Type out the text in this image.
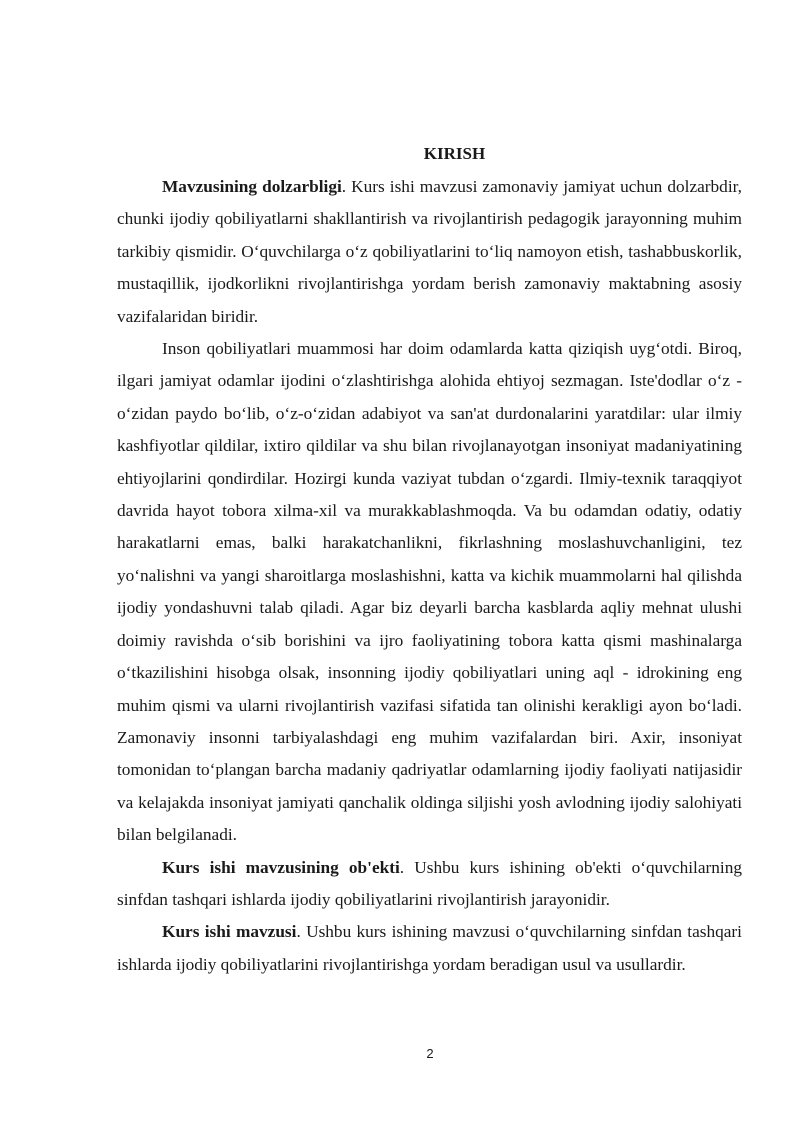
KIRISH

Mavzusining dolzarbligi. Kurs ishi mavzusi zamonaviy jamiyat uchun dolzarbdir, chunki ijodiy qobiliyatlarni shakllantirish va rivojlantirish pedagogik jarayonning muhim tarkibiy qismidir. O‘quvchilarga o‘z qobiliyatlarini to‘liq namoyon etish, tashabbuskorlik, mustaqillik, ijodkorlikni rivojlantirishga yordam berish zamonaviy maktabning asosiy vazifalaridan biridir.

Inson qobiliyatlari muammosi har doim odamlarda katta qiziqish uyg‘otdi. Biroq, ilgari jamiyat odamlar ijodini o‘zlashtirishga alohida ehtiyoj sezmagan. Iste'dodlar o‘z - o‘zidan paydo bo‘lib, o‘z-o‘zidan adabiyot va san'at durdonalarini yaratdilar: ular ilmiy kashfiyotlar qildilar, ixtiro qildilar va shu bilan rivojlanayotgan insoniyat madaniyatining ehtiyojlarini qondirdilar. Hozirgi kunda vaziyat tubdan o‘zgardi. Ilmiy-texnik taraqqiyot davrida hayot tobora xilma-xil va murakkablashmoqda. Va bu odamdan odatiy, odatiy harakatlarni emas, balki harakatchanlikni, fikrlashning moslashuvchanligini, tez yo‘nalishni va yangi sharoitlarga moslashishni, katta va kichik muammolarni hal qilishda ijodiy yondashuvni talab qiladi. Agar biz deyarli barcha kasblarda aqliy mehnat ulushi doimiy ravishda o‘sib borishini va ijro faoliyatining tobora katta qismi mashinalarga o‘tkazilishini hisobga olsak, insonning ijodiy qobiliyatlari uning aql - idrokining eng muhim qismi va ularni rivojlantirish vazifasi sifatida tan olinishi kerakligi ayon bo‘ladi. Zamonaviy insonni tarbiyalashdagi eng muhim vazifalardan biri. Axir, insoniyat tomonidan to‘plangan barcha madaniy qadriyatlar odamlarning ijodiy faoliyati natijasidir va kelajakda insoniyat jamiyati qanchalik oldinga siljishi yosh avlodning ijodiy salohiyati bilan belgilanadi.

Kurs ishi mavzusining ob'ekti. Ushbu kurs ishining ob'ekti o‘quvchilarning sinfdan tashqari ishlarda ijodiy qobiliyatlarini rivojlantirish jarayonidir.

Kurs ishi mavzusi. Ushbu kurs ishining mavzusi o‘quvchilarning sinfdan tashqari ishlarda ijodiy qobiliyatlarini rivojlantirishga yordam beradigan usul va usullardir.

2
